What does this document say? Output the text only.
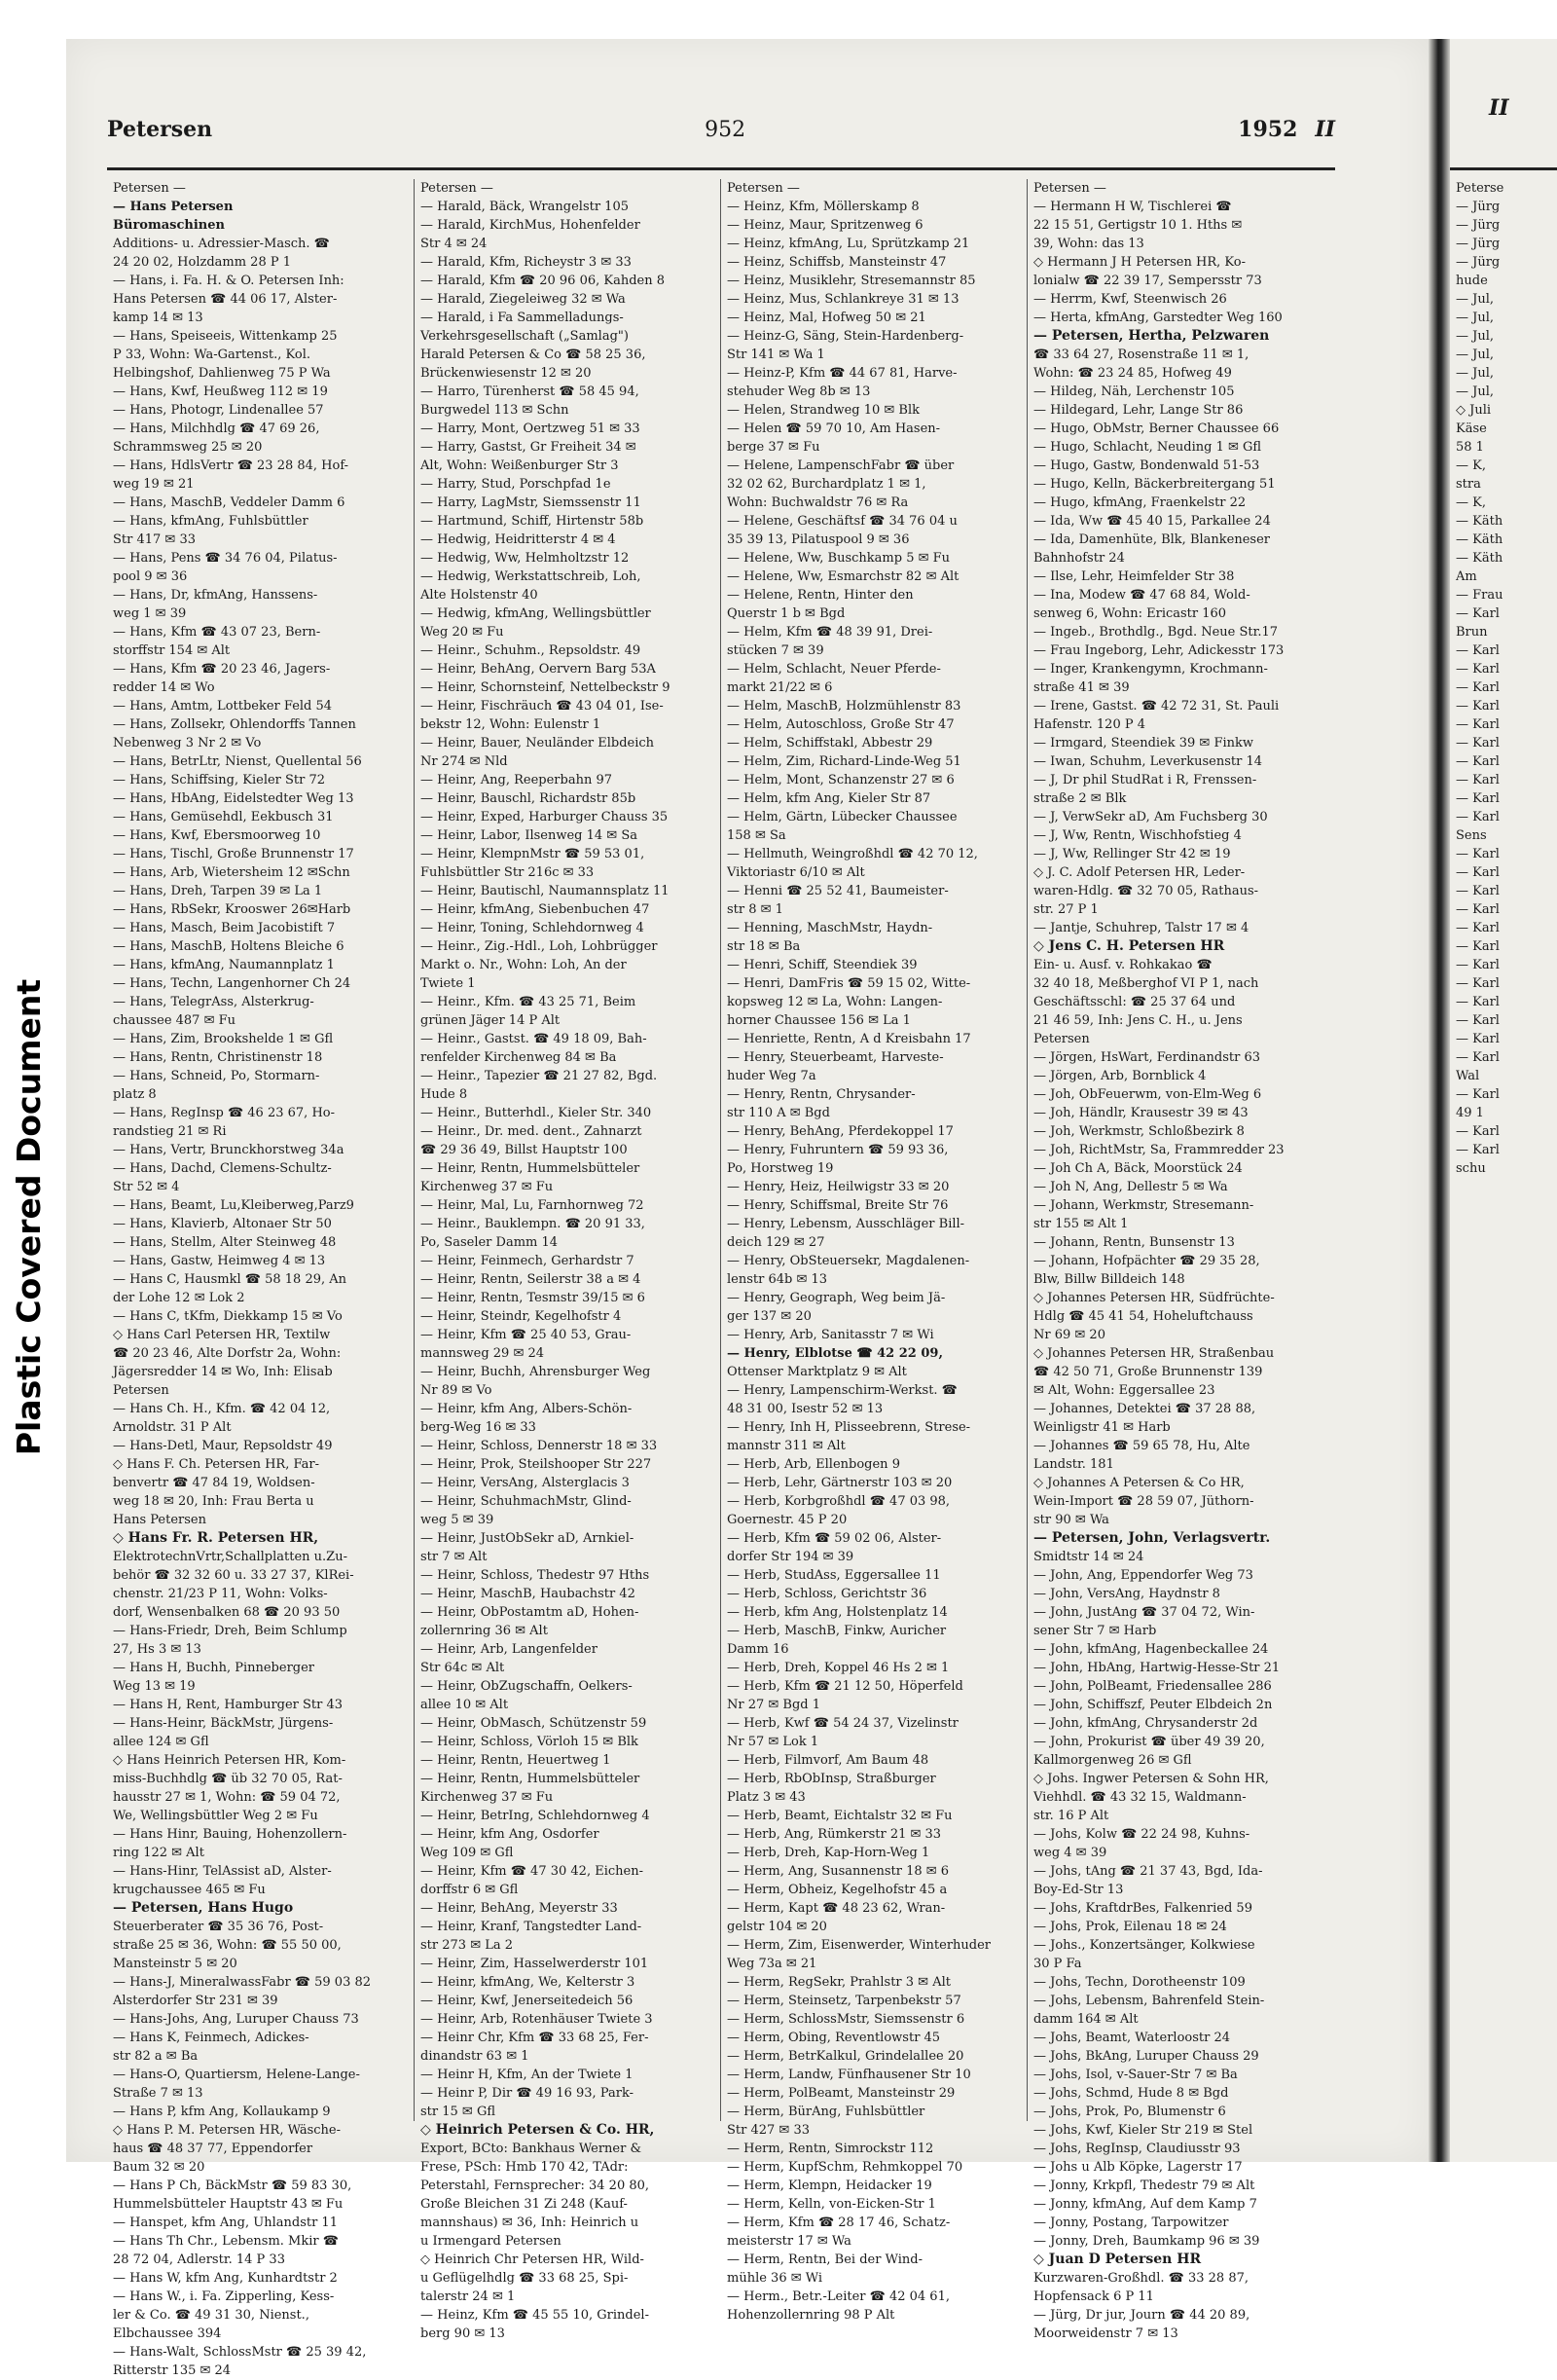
Plastic Covered Document
II
Peterse
— Jürg
— Jürg
— Jürg
— Jürg
hude
— Jul,
— Jul,
— Jul,
— Jul,
— Jul,
— Jul,
◇ Juli
Käse
58 1
— K,
stra
— K,
— Käth
— Käth
— Käth
Am
— Frau
— Karl
Brun
— Karl
— Karl
— Karl
— Karl
— Karl
— Karl
— Karl
— Karl
— Karl
— Karl
Sens
— Karl
— Karl
— Karl
— Karl
— Karl
— Karl
— Karl
— Karl
— Karl
— Karl
— Karl
— Karl
Wal
— Karl
49 1
— Karl
— Karl
schu
Petersen	952	1952 II
Petersen —
— Hans Petersen
Büromaschinen
Additions- u. Adressier-Masch. ☎
24 20 02, Holzdamm 28 P 1
— Hans, i. Fa. H. & O. Petersen Inh:
Hans Petersen ☎ 44 06 17, Alster-
kamp 14 ✉ 13
— Hans, Speiseeis, Wittenkamp 25
P 33, Wohn: Wa-Gartenst., Kol.
Helbingshof, Dahlienweg 75 P Wa
— Hans, Kwf, Heußweg 112 ✉ 19
— Hans, Photogr, Lindenallee 57
— Hans, Milchhdlg ☎ 47 69 26,
Schrammsweg 25 ✉ 20
— Hans, HdlsVertr ☎ 23 28 84, Hof-
weg 19 ✉ 21
— Hans, MaschB, Veddeler Damm 6
— Hans, kfmAng, Fuhlsbüttler
Str 417 ✉ 33
— Hans, Pens ☎ 34 76 04, Pilatus-
pool 9 ✉ 36
— Hans, Dr, kfmAng, Hanssens-
weg 1 ✉ 39
— Hans, Kfm ☎ 43 07 23, Bern-
storffstr 154 ✉ Alt
— Hans, Kfm ☎ 20 23 46, Jagers-
redder 14 ✉ Wo
— Hans, Amtm, Lottbeker Feld 54
— Hans, Zollsekr, Ohlendorffs Tannen
Nebenweg 3 Nr 2 ✉ Vo
— Hans, BetrLtr, Nienst, Quellental 56
— Hans, Schiffsing, Kieler Str 72
— Hans, HbAng, Eidelstedter Weg 13
— Hans, Gemüsehdl, Eekbusch 31
— Hans, Kwf, Ebersmoorweg 10
— Hans, Tischl, Große Brunnenstr 17
— Hans, Arb, Wietersheim 12 ✉Schn
— Hans, Dreh, Tarpen 39 ✉ La 1
— Hans, RbSekr, Krooswег 26✉Harb
— Hans, Masch, Beim Jacobistift 7
— Hans, MaschB, Holtens Bleiche 6
— Hans, kfmAng, Naumannplatz 1
— Hans, Techn, Langenhorner Ch 24
— Hans, TelegrAss, Alsterkrug-
chaussee 487 ✉ Fu
— Hans, Zim, Brookshelde 1 ✉ Gfl
— Hans, Rentn, Christinenstr 18
— Hans, Schneid, Po, Stormarn-
platz 8
— Hans, RegInsp ☎ 46 23 67, Ho-
randstieg 21 ✉ Ri
— Hans, Vertr, Brunckhorstweg 34a
— Hans, Dachd, Clemens-Schultz-
Str 52 ✉ 4
— Hans, Beamt, Lu,Kleiberweg,Parz9
— Hans, Klavierb, Altonaer Str 50
— Hans, Stellm, Alter Steinweg 48
— Hans, Gastw, Heimweg 4 ✉ 13
— Hans C, Hausmkl ☎ 58 18 29, An
der Lohe 12 ✉ Lok 2
— Hans C, tKfm, Diekkamp 15 ✉ Vo
◇ Hans Carl Petersen HR, Textilw
☎ 20 23 46, Alte Dorfstr 2a, Wohn:
Jägersredder 14 ✉ Wo, Inh: Elisab
Petersen
— Hans Ch. H., Kfm. ☎ 42 04 12,
Arnoldstr. 31 P Alt
— Hans-Detl, Maur, Repsoldstr 49
◇ Hans F. Ch. Petersen HR, Far-
benvertr ☎ 47 84 19, Woldsen-
weg 18 ✉ 20, Inh: Frau Berta u
Hans Petersen
◇ Hans Fr. R. Petersen HR,
ElektrotechnVrtr,Schallplatten u.Zu-
behör ☎ 32 32 60 u. 33 27 37, KlRei-
chenstr. 21/23 P 11, Wohn: Volks-
dorf, Wensenbalken 68 ☎ 20 93 50
— Hans-Friedr, Dreh, Beim Schlump
27, Hs 3 ✉ 13
— Hans H, Buchh, Pinneberger
Weg 13 ✉ 19
— Hans H, Rent, Hamburger Str 43
— Hans-Heinr, BäckMstr, Jürgens-
allee 124 ✉ Gfl
◇ Hans Heinrich Petersen HR, Kom-
miss-Buchhdlg ☎ üb 32 70 05, Rat-
hausstr 27 ✉ 1, Wohn: ☎ 59 04 72,
We, Wellingsbüttler Weg 2 ✉ Fu
— Hans Hinr, Bauing, Hohenzollern-
ring 122 ✉ Alt
— Hans-Hinr, TelAssist aD, Alster-
krugchaussee 465 ✉ Fu
— Petersen, Hans Hugo
Steuerberater ☎ 35 36 76, Post-
straße 25 ✉ 36, Wohn: ☎ 55 50 00,
Mansteinstr 5 ✉ 20
— Hans-J, MineralwassFabr ☎ 59 03 82
Alsterdorfer Str 231 ✉ 39
— Hans-Johs, Ang, Luruper Chauss 73
— Hans K, Feinmech, Adickes-
str 82 a ✉ Ba
— Hans-O, Quartiersm, Helene-Lange-
Straße 7 ✉ 13
— Hans P, kfm Ang, Kollaukamp 9
◇ Hans P. M. Petersen HR, Wäsche-
haus ☎ 48 37 77, Eppendorfer
Baum 32 ✉ 20
— Hans P Ch, BäckMstr ☎ 59 83 30,
Hummelsbütteler Hauptstr 43 ✉ Fu
— Hanspet, kfm Ang, Uhlandstr 11
— Hans Th Chr., Lebensm. Mkir ☎
28 72 04, Adlerstr. 14 P 33
— Hans W, kfm Ang, Kunhardtstr 2
— Hans W., i. Fa. Zipperling, Kess-
ler & Co. ☎ 49 31 30, Nienst.,
Elbchaussee 394
— Hans-Walt, SchlossMstr ☎ 25 39 42,
Ritterstr 135 ✉ 24
Petersen —
— Harald, Bäck, Wrangelstr 105
— Harald, KirchMus, Hohenfelder
Str 4 ✉ 24
— Harald, Kfm, Richeystr 3 ✉ 33
— Harald, Kfm ☎ 20 96 06, Kahden 8
— Harald, Ziegeleiweg 32 ✉ Wa
— Harald, i Fa Sammelladungs-
Verkehrsgesellschaft („Samlag")
Harald Petersen & Co ☎ 58 25 36,
Brückenwiesenstr 12 ✉ 20
— Harro, Türenherst ☎ 58 45 94,
Burgwedel 113 ✉ Schn
— Harry, Mont, Oertzweg 51 ✉ 33
— Harry, Gastst, Gr Freiheit 34 ✉
Alt, Wohn: Weißenburger Str 3
— Harry, Stud, Porschpfad 1e
— Harry, LagMstr, Siemssenstr 11
— Hartmund, Schiff, Hirtenstr 58b
— Hedwig, Heidritterstr 4 ✉ 4
— Hedwig, Ww, Helmholtzstr 12
— Hedwig, Werkstattschreib, Loh,
Alte Holstenstr 40
— Hedwig, kfmAng, Wellingsbüttler
Weg 20 ✉ Fu
— Heinr., Schuhm., Repsoldstr. 49
— Heinr, BehAng, Oervern Barg 53A
— Heinr, Schornsteinf, Nettelbeckstr 9
— Heinr, Fischräuch ☎ 43 04 01, Ise-
bekstr 12, Wohn: Eulenstr 1
— Heinr, Bauer, Neuländer Elbdeich
Nr 274 ✉ Nld
— Heinr, Ang, Reeperbahn 97
— Heinr, Bauschl, Richardstr 85b
— Heinr, Exped, Harburger Chauss 35
— Heinr, Labor, Ilsenweg 14 ✉ Sa
— Heinr, KlempnMstr ☎ 59 53 01,
Fuhlsbüttler Str 216c ✉ 33
— Heinr, Bautischl, Naumannsplatz 11
— Heinr, kfmAng, Siebenbuchen 47
— Heinr, Toning, Schlehdornweg 4
— Heinr., Zig.-Hdl., Loh, Lohbrügger
Markt o. Nr., Wohn: Loh, An der
Twiete 1
— Heinr., Kfm. ☎ 43 25 71, Beim
grünen Jäger 14 P Alt
— Heinr., Gastst. ☎ 49 18 09, Bah-
renfelder Kirchenweg 84 ✉ Ba
— Heinr., Tapezier ☎ 21 27 82, Bgd.
Hude 8
— Heinr., Butterhdl., Kieler Str. 340
— Heinr., Dr. med. dent., Zahnarzt
☎ 29 36 49, Billst Hauptstr 100
— Heinr, Rentn, Hummelsbütteler
Kirchenweg 37 ✉ Fu
— Heinr, Mal, Lu, Farnhornweg 72
— Heinr., Bauklempn. ☎ 20 91 33,
Po, Saseler Damm 14
— Heinr, Feinmech, Gerhardstr 7
— Heinr, Rentn, Seilerstr 38 a ✉ 4
— Heinr, Rentn, Tesmstr 39/15 ✉ 6
— Heinr, Steindr, Kegelhofstr 4
— Heinr, Kfm ☎ 25 40 53, Grau-
mannsweg 29 ✉ 24
— Heinr, Buchh, Ahrensburger Weg
Nr 89 ✉ Vo
— Heinr, kfm Ang, Albers-Schön-
berg-Weg 16 ✉ 33
— Heinr, Schloss, Dennerstr 18 ✉ 33
— Heinr, Prok, Steilshooper Str 227
— Heinr, VersAng, Alsterglacis 3
— Heinr, SchuhmachMstr, Glind-
weg 5 ✉ 39
— Heinr, JustObSekr aD, Arnkiel-
str 7 ✉ Alt
— Heinr, Schloss, Thedestr 97 Hths
— Heinr, MaschB, Haubachstr 42
— Heinr, ObPostamtm aD, Hohen-
zollernring 36 ✉ Alt
— Heinr, Arb, Langenfelder
Str 64c ✉ Alt
— Heinr, ObZugschaffn, Oelkers-
allee 10 ✉ Alt
— Heinr, ObMasch, Schützenstr 59
— Heinr, Schloss, Vörloh 15 ✉ Blk
— Heinr, Rentn, Heuertweg 1
— Heinr, Rentn, Hummelsbütteler
Kirchenweg 37 ✉ Fu
— Heinr, BetrIng, Schlehdornweg 4
— Heinr, kfm Ang, Osdorfer
Weg 109 ✉ Gfl
— Heinr, Kfm ☎ 47 30 42, Eichen-
dorffstr 6 ✉ Gfl
— Heinr, BehAng, Meyerstr 33
— Heinr, Kranf, Tangstedter Land-
str 273 ✉ La 2
— Heinr, Zim, Hasselwerderstr 101
— Heinr, kfmAng, We, Kelterstr 3
— Heinr, Kwf, Jenerseitedeich 56
— Heinr, Arb, Rotenhäuser Twiete 3
— Heinr Chr, Kfm ☎ 33 68 25, Fer-
dinandstr 63 ✉ 1
— Heinr H, Kfm, An der Twiete 1
— Heinr P, Dir ☎ 49 16 93, Park-
str 15 ✉ Gfl
◇ Heinrich Petersen & Co. HR,
Export, BCto: Bankhaus Werner &
Frese, PSch: Hmb 170 42, TAdr:
Peterstahl, Fernsprecher: 34 20 80,
Große Bleichen 31 Zi 248 (Kauf-
mannshaus) ✉ 36, Inh: Heinrich u
u Irmengard Petersen
◇ Heinrich Chr Petersen HR, Wild-
u Geflügelhdlg ☎ 33 68 25, Spi-
talerstr 24 ✉ 1
— Heinz, Kfm ☎ 45 55 10, Grindel-
berg 90 ✉ 13
Petersen —
— Heinz, Kfm, Möllerskamp 8
— Heinz, Maur, Spritzenweg 6
— Heinz, kfmAng, Lu, Sprützkamp 21
— Heinz, Schiffsb, Mansteinstr 47
— Heinz, Musiklehr, Stresemannstr 85
— Heinz, Mus, Schlankreye 31 ✉ 13
— Heinz, Mal, Hofweg 50 ✉ 21
— Heinz-G, Säng, Stein-Hardenberg-
Str 141 ✉ Wa 1
— Heinz-P, Kfm ☎ 44 67 81, Harve-
stehuder Weg 8b ✉ 13
— Helen, Strandweg 10 ✉ Blk
— Helen ☎ 59 70 10, Am Hasen-
berge 37 ✉ Fu
— Helene, LampenschFabr ☎ über
32 02 62, Burchardplatz 1 ✉ 1,
Wohn: Buchwaldstr 76 ✉ Ra
— Helene, Geschäftsf ☎ 34 76 04 u
35 39 13, Pilatuspool 9 ✉ 36
— Helene, Ww, Buschkamp 5 ✉ Fu
— Helene, Ww, Esmarchstr 82 ✉ Alt
— Helene, Rentn, Hinter den
Querstr 1 b ✉ Bgd
— Helm, Kfm ☎ 48 39 91, Drei-
stücken 7 ✉ 39
— Helm, Schlacht, Neuer Pferde-
markt 21/22 ✉ 6
— Helm, MaschB, Holzmühlenstr 83
— Helm, Autoschloss, Große Str 47
— Helm, Schiffstakl, Abbestr 29
— Helm, Zim, Richard-Linde-Weg 51
— Helm, Mont, Schanzenstr 27 ✉ 6
— Helm, kfm Ang, Kieler Str 87
— Helm, Gärtn, Lübecker Chaussee
158 ✉ Sa
— Hellmuth, Weingroßhdl ☎ 42 70 12,
Viktoriastr 6/10 ✉ Alt
— Henni ☎ 25 52 41, Baumeister-
str 8 ✉ 1
— Henning, MaschMstr, Haydn-
str 18 ✉ Ba
— Henri, Schiff, Steendiek 39
— Henri, DamFris ☎ 59 15 02, Witte-
kopsweg 12 ✉ La, Wohn: Langen-
horner Chaussee 156 ✉ La 1
— Henriette, Rentn, A d Kreisbahn 17
— Henry, Steuerbeamt, Harveste-
huder Weg 7a
— Henry, Rentn, Chrysander-
str 110 A ✉ Bgd
— Henry, BehAng, Pferdekoppel 17
— Henry, Fuhruntern ☎ 59 93 36,
Po, Horstweg 19
— Henry, Heiz, Heilwigstr 33 ✉ 20
— Henry, Schiffsmal, Breite Str 76
— Henry, Lebensm, Ausschläger Bill-
deich 129 ✉ 27
— Henry, ObSteuersekr, Magdalenen-
lenstr 64b ✉ 13
— Henry, Geograph, Weg beim Jä-
ger 137 ✉ 20
— Henry, Arb, Sanitasstr 7 ✉ Wi
— Henry, Elblotse ☎ 42 22 09,
Ottenser Marktplatz 9 ✉ Alt
— Henry, Lampenschirm-Werkst. ☎
48 31 00, Isestr 52 ✉ 13
— Henry, Inh H, Plisseebrenn, Strese-
mannstr 311 ✉ Alt
— Herb, Arb, Ellenbogen 9
— Herb, Lehr, Gärtnerstr 103 ✉ 20
— Herb, Korbgroßhdl ☎ 47 03 98,
Goernestr. 45 P 20
— Herb, Kfm ☎ 59 02 06, Alster-
dorfer Str 194 ✉ 39
— Herb, StudAss, Eggersallee 11
— Herb, Schloss, Gerichtstr 36
— Herb, kfm Ang, Holstenplatz 14
— Herb, MaschB, Finkw, Auricher
Damm 16
— Herb, Dreh, Koppel 46 Hs 2 ✉ 1
— Herb, Kfm ☎ 21 12 50, Höperfeld
Nr 27 ✉ Bgd 1
— Herb, Kwf ☎ 54 24 37, Vizelinstr
Nr 57 ✉ Lok 1
— Herb, Filmvorf, Am Baum 48
— Herb, RbObInsp, Straßburger
Platz 3 ✉ 43
— Herb, Beamt, Eichtalstr 32 ✉ Fu
— Herb, Ang, Rümkerstr 21 ✉ 33
— Herb, Dreh, Kap-Horn-Weg 1
— Herm, Ang, Susannenstr 18 ✉ 6
— Herm, Obheiz, Kegelhofstr 45 a
— Herm, Kapt ☎ 48 23 62, Wran-
gelstr 104 ✉ 20
— Herm, Zim, Eisenwerder, Winterhuder
Weg 73a ✉ 21
— Herm, RegSekr, Prahlstr 3 ✉ Alt
— Herm, Steinsetz, Tarpenbekstr 57
— Herm, SchlossMstr, Siemssenstr 6
— Herm, Obing, Reventlowstr 45
— Herm, BetrKalkul, Grindelallee 20
— Herm, Landw, Fünfhausener Str 10
— Herm, PolBeamt, Mansteinstr 29
— Herm, BürAng, Fuhlsbüttler
Str 427 ✉ 33
— Herm, Rentn, Simrockstr 112
— Herm, KupfSchm, Rehmkoppel 70
— Herm, Klempn, Heidacker 19
— Herm, Kelln, von-Eicken-Str 1
— Herm, Kfm ☎ 28 17 46, Schatz-
meisterstr 17 ✉ Wa
— Herm, Rentn, Bei der Wind-
mühle 36 ✉ Wi
— Herm., Betr.-Leiter ☎ 42 04 61,
Hohenzollernring 98 P Alt
Petersen —
— Hermann H W, Tischlerei ☎
22 15 51, Gertigstr 10 1. Hths ✉
39, Wohn: das 13
◇ Hermann J H Petersen HR, Ko-
lonialw ☎ 22 39 17, Sempersstr 73
— Herrm, Kwf, Steenwisch 26
— Herta, kfmAng, Garstedter Weg 160
— Petersen, Hertha, Pelzwaren
☎ 33 64 27, Rosenstraße 11 ✉ 1,
Wohn: ☎ 23 24 85, Hofweg 49
— Hildeg, Näh, Lerchenstr 105
— Hildegard, Lehr, Lange Str 86
— Hugo, ObMstr, Berner Chaussee 66
— Hugo, Schlacht, Neuding 1 ✉ Gfl
— Hugo, Gastw, Bondenwald 51-53
— Hugo, Kelln, Bäckerbreitergang 51
— Hugo, kfmAng, Fraenkelstr 22
— Ida, Ww ☎ 45 40 15, Parkallee 24
— Ida, Damenhüte, Blk, Blankeneser
Bahnhofstr 24
— Ilse, Lehr, Heimfelder Str 38
— Ina, Modew ☎ 47 68 84, Wold-
senweg 6, Wohn: Ericastr 160
— Ingeb., Brothdlg., Bgd. Neue Str.17
— Frau Ingeborg, Lehr, Adickesstr 173
— Inger, Krankengymn, Krochmann-
straße 41 ✉ 39
— Irene, Gastst. ☎ 42 72 31, St. Pauli
Hafenstr. 120 P 4
— Irmgard, Steendiek 39 ✉ Finkw
— Iwan, Schuhm, Leverkusenstr 14
— J, Dr phil StudRat i R, Frenssen-
straße 2 ✉ Blk
— J, VerwSekr aD, Am Fuchsberg 30
— J, Ww, Rentn, Wischhofstieg 4
— J, Ww, Rellinger Str 42 ✉ 19
◇ J. C. Adolf Petersen HR, Leder-
waren-Hdlg. ☎ 32 70 05, Rathaus-
str. 27 P 1
— Jantje, Schuhrep, Talstr 17 ✉ 4
◇ Jens C. H. Petersen HR
Ein- u. Ausf. v. Rohkakao ☎
32 40 18, Meßberghof VI P 1, nach
Geschäftsschl: ☎ 25 37 64 und
21 46 59, Inh: Jens C. H., u. Jens
Petersen
— Jörgen, HsWart, Ferdinandstr 63
— Jörgen, Arb, Bornblick 4
— Joh, ObFeuerwm, von-Elm-Weg 6
— Joh, Händlr, Krausestr 39 ✉ 43
— Joh, Werkmstr, Schloßbezirk 8
— Joh, RichtMstr, Sa, Frammredder 23
— Joh Ch A, Bäck, Moorstück 24
— Joh N, Ang, Dellestr 5 ✉ Wa
— Johann, Werkmstr, Stresemann-
str 155 ✉ Alt 1
— Johann, Rentn, Bunsenstr 13
— Johann, Hofpächter ☎ 29 35 28,
Blw, Billw Billdeich 148
◇ Johannes Petersen HR, Südfrüchte-
Hdlg ☎ 45 41 54, Hoheluftchauss
Nr 69 ✉ 20
◇ Johannes Petersen HR, Straßenbau
☎ 42 50 71, Große Brunnenstr 139
✉ Alt, Wohn: Eggersallee 23
— Johannes, Detektei ☎ 37 28 88,
Weinligstr 41 ✉ Harb
— Johannes ☎ 59 65 78, Hu, Alte
Landstr. 181
◇ Johannes A Petersen & Co HR,
Wein-Import ☎ 28 59 07, Jüthorn-
str 90 ✉ Wa
— Petersen, John, Verlagsvertr.
Smidtstr 14 ✉ 24
— John, Ang, Eppendorfer Weg 73
— John, VersAng, Haydnstr 8
— John, JustAng ☎ 37 04 72, Win-
sener Str 7 ✉ Harb
— John, kfmAng, Hagenbeckallee 24
— John, HbAng, Hartwig-Hesse-Str 21
— John, PolBeamt, Friedensallee 286
— John, Schiffszf, Peuter Elbdeich 2n
— John, kfmAng, Chrysanderstr 2d
— John, Prokurist ☎ über 49 39 20,
Kallmorgenweg 26 ✉ Gfl
◇ Johs. Ingwer Petersen & Sohn HR,
Viehhdl. ☎ 43 32 15, Waldmann-
str. 16 P Alt
— Johs, Kolw ☎ 22 24 98, Kuhns-
weg 4 ✉ 39
— Johs, tAng ☎ 21 37 43, Bgd, Ida-
Boy-Ed-Str 13
— Johs, KraftdrBes, Falkenried 59
— Johs, Prok, Eilenau 18 ✉ 24
— Johs., Konzertsänger, Kolkwiese
30 P Fa
— Johs, Techn, Dorotheenstr 109
— Johs, Lebensm, Bahrenfeld Stein-
damm 164 ✉ Alt
— Johs, Beamt, Waterloostr 24
— Johs, BkAng, Luruper Chauss 29
— Johs, Isol, v-Sauer-Str 7 ✉ Ba
— Johs, Schmd, Hude 8 ✉ Bgd
— Johs, Prok, Po, Blumenstr 6
— Johs, Kwf, Kieler Str 219 ✉ Stel
— Johs, RegInsp, Claudiusstr 93
— Johs u Alb Köpke, Lagerstr 17
— Jonny, Krkpfl, Thedestr 79 ✉ Alt
— Jonny, kfmAng, Auf dem Kamp 7
— Jonny, Postang, Tarpowitzer
— Jonny, Dreh, Baumkamp 96 ✉ 39
◇ Juan D Petersen HR
Kurzwaren-Großhdl. ☎ 33 28 87,
Hopfensack 6 P 11
— Jürg, Dr jur, Journ ☎ 44 20 89,
Moorweidenstr 7 ✉ 13
